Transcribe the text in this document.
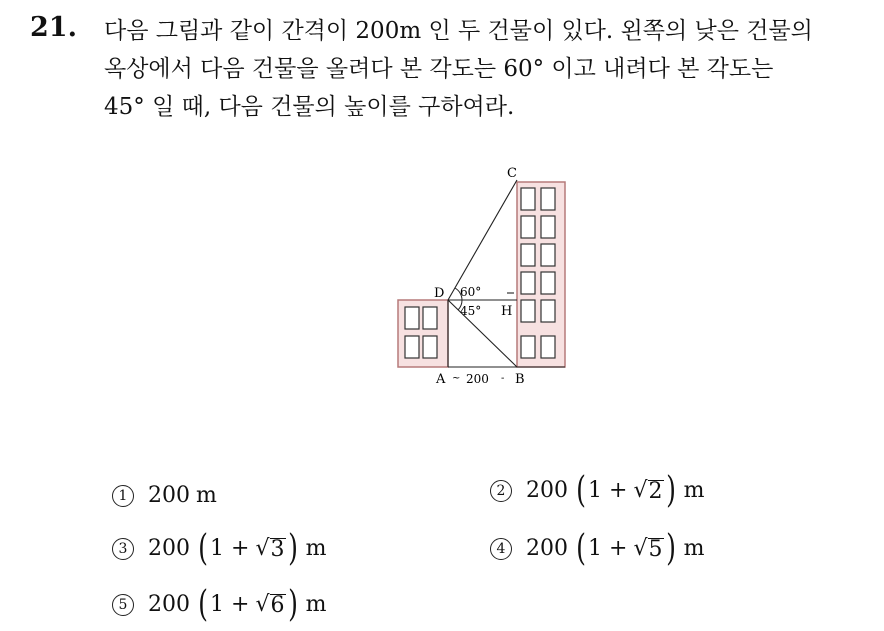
21. 다음 그림과 같이 간격이 200m 인 두 건물이 있다. 왼쪽의 낮은 건물의
옥상에서 다음 건물을 올려다 본 각도는 60° 이고 내려다 본 각도는
45° 일 때, 다음 건물의 높이를 구하여라.
C
D 60°
45° H
A 200 B
~	-
1 200 m	2 200 ( 1 + √ 2 ) m
3 200 ( 1 + √ 3 ) m	4 200 ( 1 + √ 5 ) m
5 200 ( 1 + √ 6 ) m
